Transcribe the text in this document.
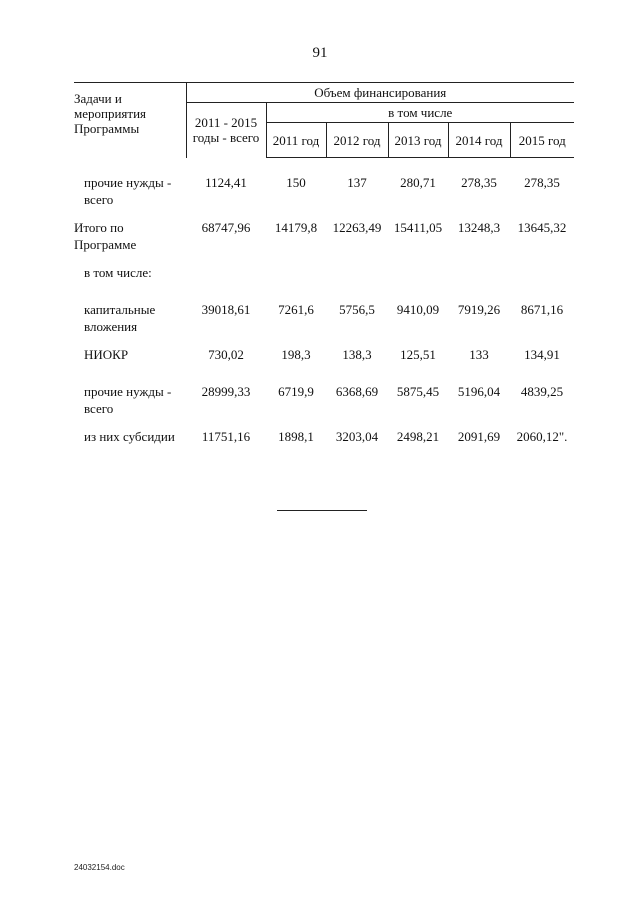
91
Задачи и мероприятия Программы	Объем финансирования					
	2011 - 2015 годы - всего	в том числе				
		2011 год	2012 год	2013 год	2014 год	2015 год

прочие нужды - всего	1124,41	150	137	280,71	278,35	278,35
Итого по Программе	68747,96	14179,8	12263,49	15411,05	13248,3	13645,32
в том числе:						
капитальные вложения	39018,61	7261,6	5756,5	9410,09	7919,26	8671,16
НИОКР	730,02	198,3	138,3	125,51	133	134,91
прочие нужды - всего	28999,33	6719,9	6368,69	5875,45	5196,04	4839,25
из них субсидии	11751,16	1898,1	3203,04	2498,21	2091,69	2060,12".
24032154.doc
